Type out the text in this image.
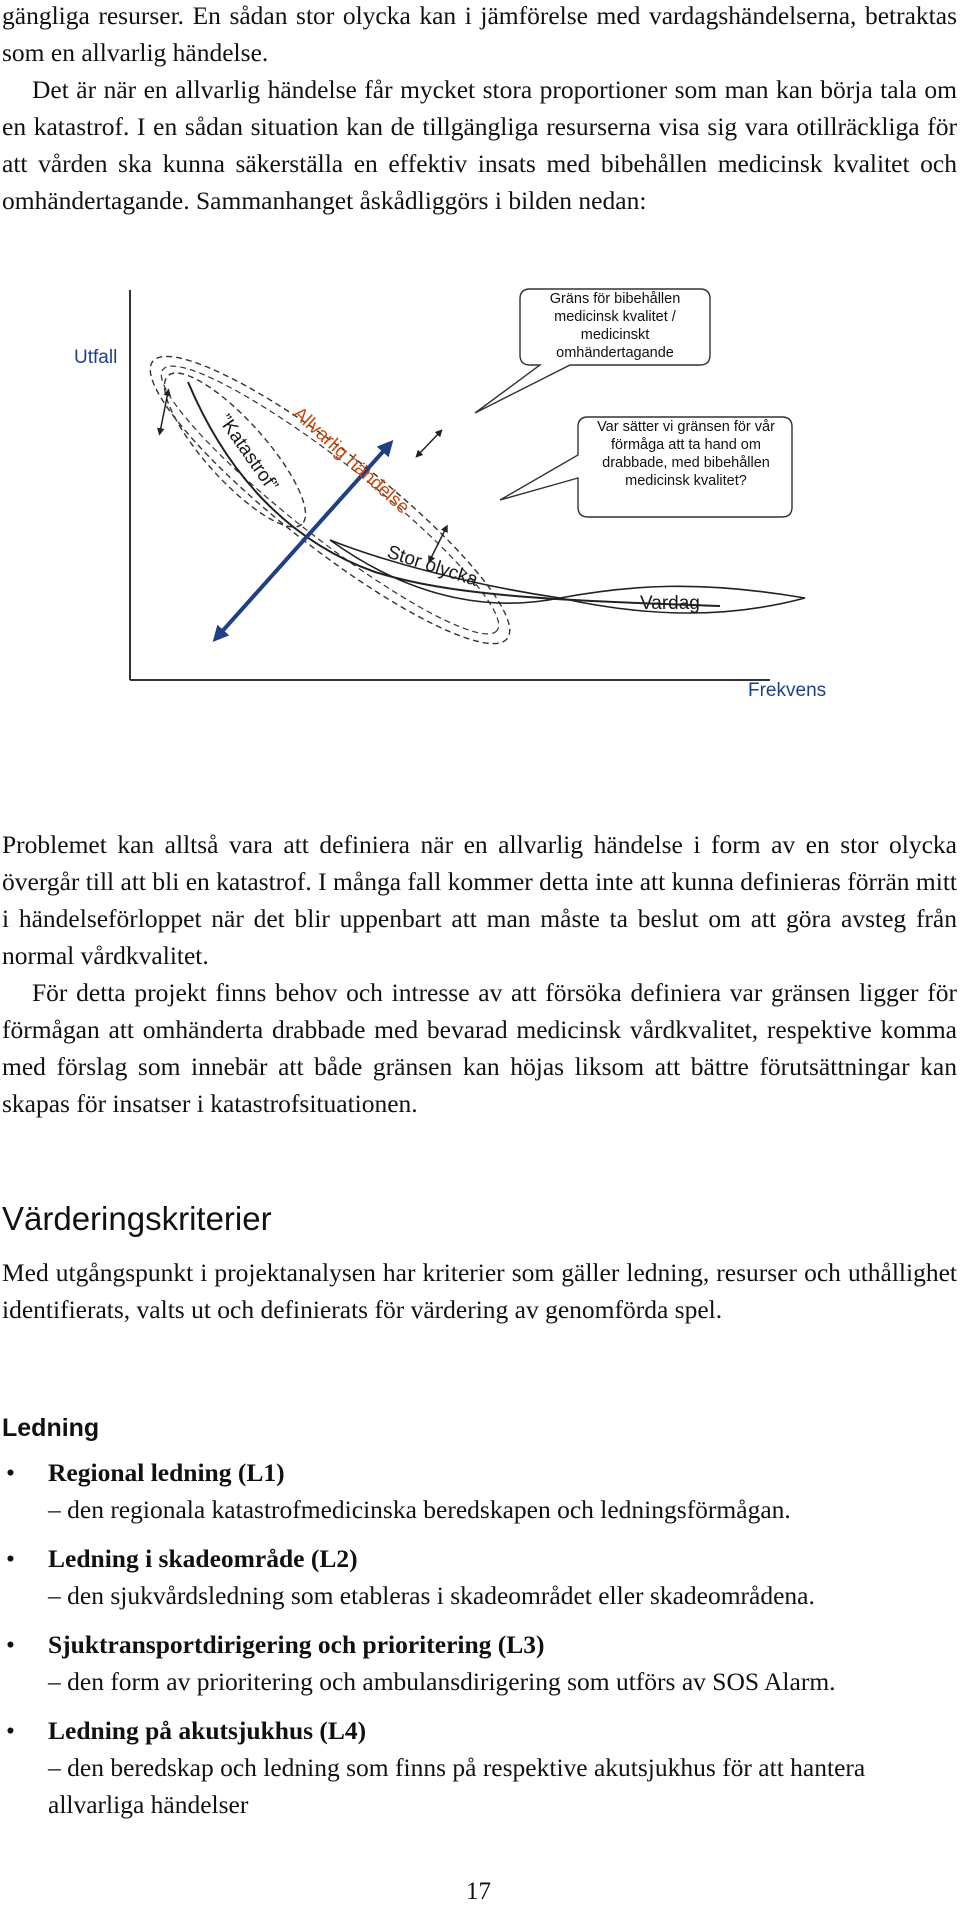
gängliga resurser. En sådan stor olycka kan i jämförelse med vardagshändelserna, betraktas som en allvarlig händelse.

Det är när en allvarlig händelse får mycket stora proportioner som man kan börja tala om en katastrof. I en sådan situation kan de tillgängliga resurserna visa sig vara otillräckliga för att vården ska kunna säkerställa en effektiv insats med bibehållen medicinsk kvalitet och omhändertagande. Sammanhanget åskådliggörs i bilden nedan:

Utfall
Frekvens
”Katastrof” Allvarlig händelse
Stor olycka
Vardag
Gräns för bibehållen medicinsk kvalitet / medicinskt omhändertagande
Var sätter vi gränsen för vår förmåga att ta hand om drabbade, med bibehållen medicinsk kvalitet?

Problemet kan alltså vara att definiera när en allvarlig händelse i form av en stor olycka övergår till att bli en katastrof. I många fall kommer detta inte att kunna definieras förrän mitt i händelseförloppet när det blir uppenbart att man måste ta beslut om att göra avsteg från normal vårdkvalitet.

För detta projekt finns behov och intresse av att försöka definiera var gränsen ligger för förmågan att omhänderta drabbade med bevarad medicinsk vårdkvalitet, respektive komma med förslag som innebär att både gränsen kan höjas liksom att bättre förutsättningar kan skapas för insatser i katastrofsituationen.

Värderingskriterier

Med utgångspunkt i projektanalysen har kriterier som gäller ledning, resurser och uthållighet identifierats, valts ut och definierats för värdering av genomförda spel.

Ledning
• Regional ledning (L1)
– den regionala katastrofmedicinska beredskapen och ledningsförmågan.
• Ledning i skadeområde (L2)
– den sjukvårdsledning som etableras i skadeområdet eller skadeområdena.
• Sjuktransportdirigering och prioritering (L3)
– den form av prioritering och ambulansdirigering som utförs av SOS Alarm.
• Ledning på akutsjukhus (L4)
– den beredskap och ledning som finns på respektive akutsjukhus för att hantera allvarliga händelser
17
